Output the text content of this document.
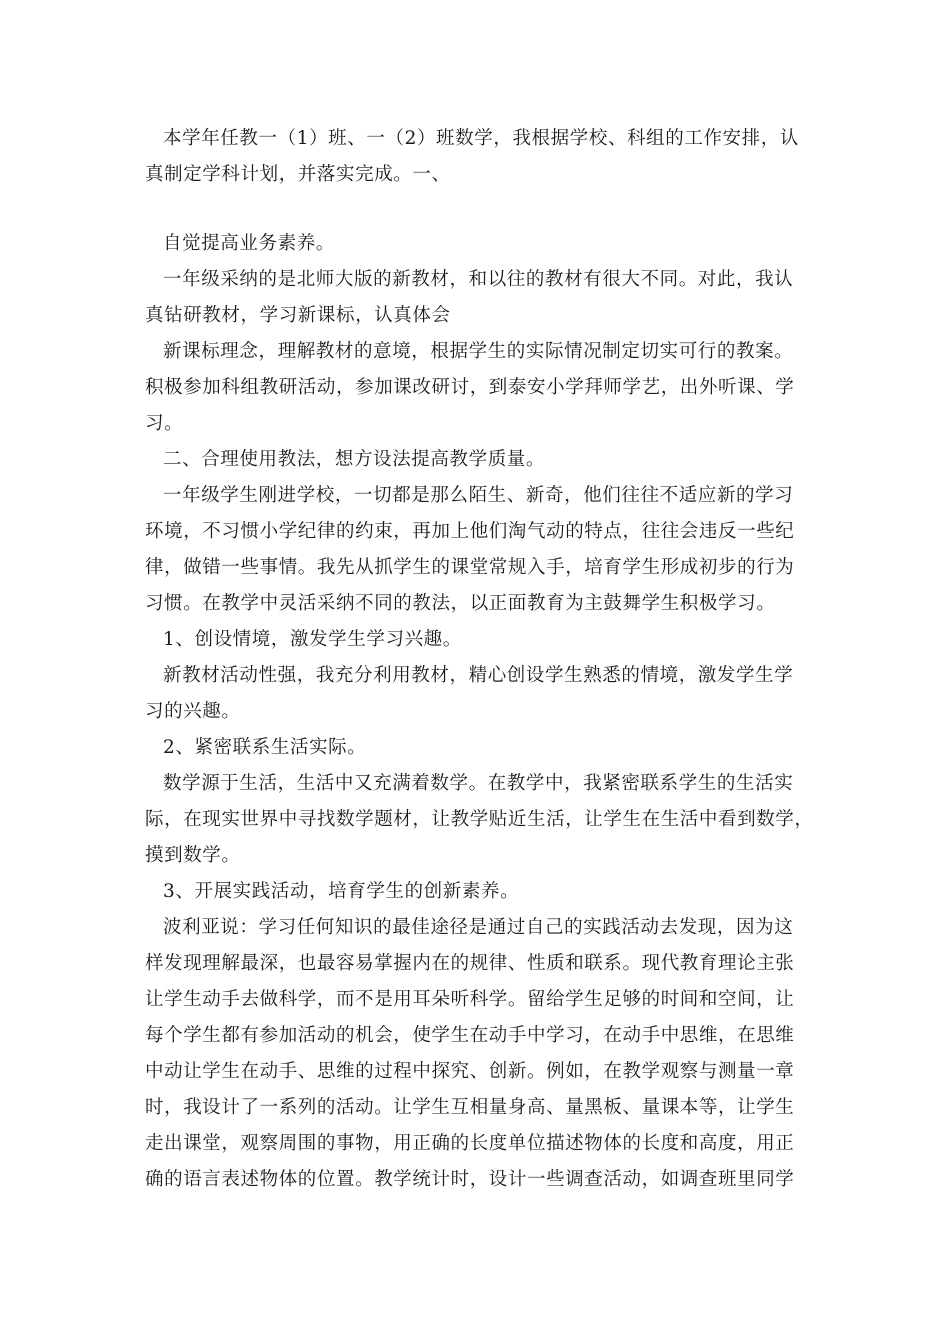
本学年任教一（1）班、一（2）班数学，我根据学校、科组的工作安排，认
真制定学科计划，并落实完成。一、
自觉提高业务素养。
一年级采纳的是北师大版的新教材，和以往的教材有很大不同。对此，我认
真钻研教材，学习新课标，认真体会
新课标理念，理解教材的意境，根据学生的实际情况制定切实可行的教案。
积极参加科组教研活动，参加课改研讨，到泰安小学拜师学艺，出外听课、学
习。
二、合理使用教法，想方设法提高教学质量。
一年级学生刚进学校，一切都是那么陌生、新奇，他们往往不适应新的学习
环境，不习惯小学纪律的约束，再加上他们淘气动的特点，往往会违反一些纪
律，做错一些事情。我先从抓学生的课堂常规入手，培育学生形成初步的行为
习惯。在教学中灵活采纳不同的教法，以正面教育为主鼓舞学生积极学习。
1、创设情境，激发学生学习兴趣。
新教材活动性强，我充分利用教材，精心创设学生熟悉的情境，激发学生学
习的兴趣。
2、紧密联系生活实际。
数学源于生活，生活中又充满着数学。在教学中，我紧密联系学生的生活实
际，在现实世界中寻找数学题材，让教学贴近生活，让学生在生活中看到数学，
摸到数学。
3、开展实践活动，培育学生的创新素养。
波利亚说：学习任何知识的最佳途径是通过自己的实践活动去发现，因为这
样发现理解最深，也最容易掌握内在的规律、性质和联系。现代教育理论主张
让学生动手去做科学，而不是用耳朵听科学。留给学生足够的时间和空间，让
每个学生都有参加活动的机会，使学生在动手中学习，在动手中思维，在思维
中动让学生在动手、思维的过程中探究、创新。例如，在教学观察与测量一章
时，我设计了一系列的活动。让学生互相量身高、量黑板、量课本等，让学生
走出课堂，观察周围的事物，用正确的长度单位描述物体的长度和高度，用正
确的语言表述物体的位置。教学统计时，设计一些调查活动，如调查班里同学
